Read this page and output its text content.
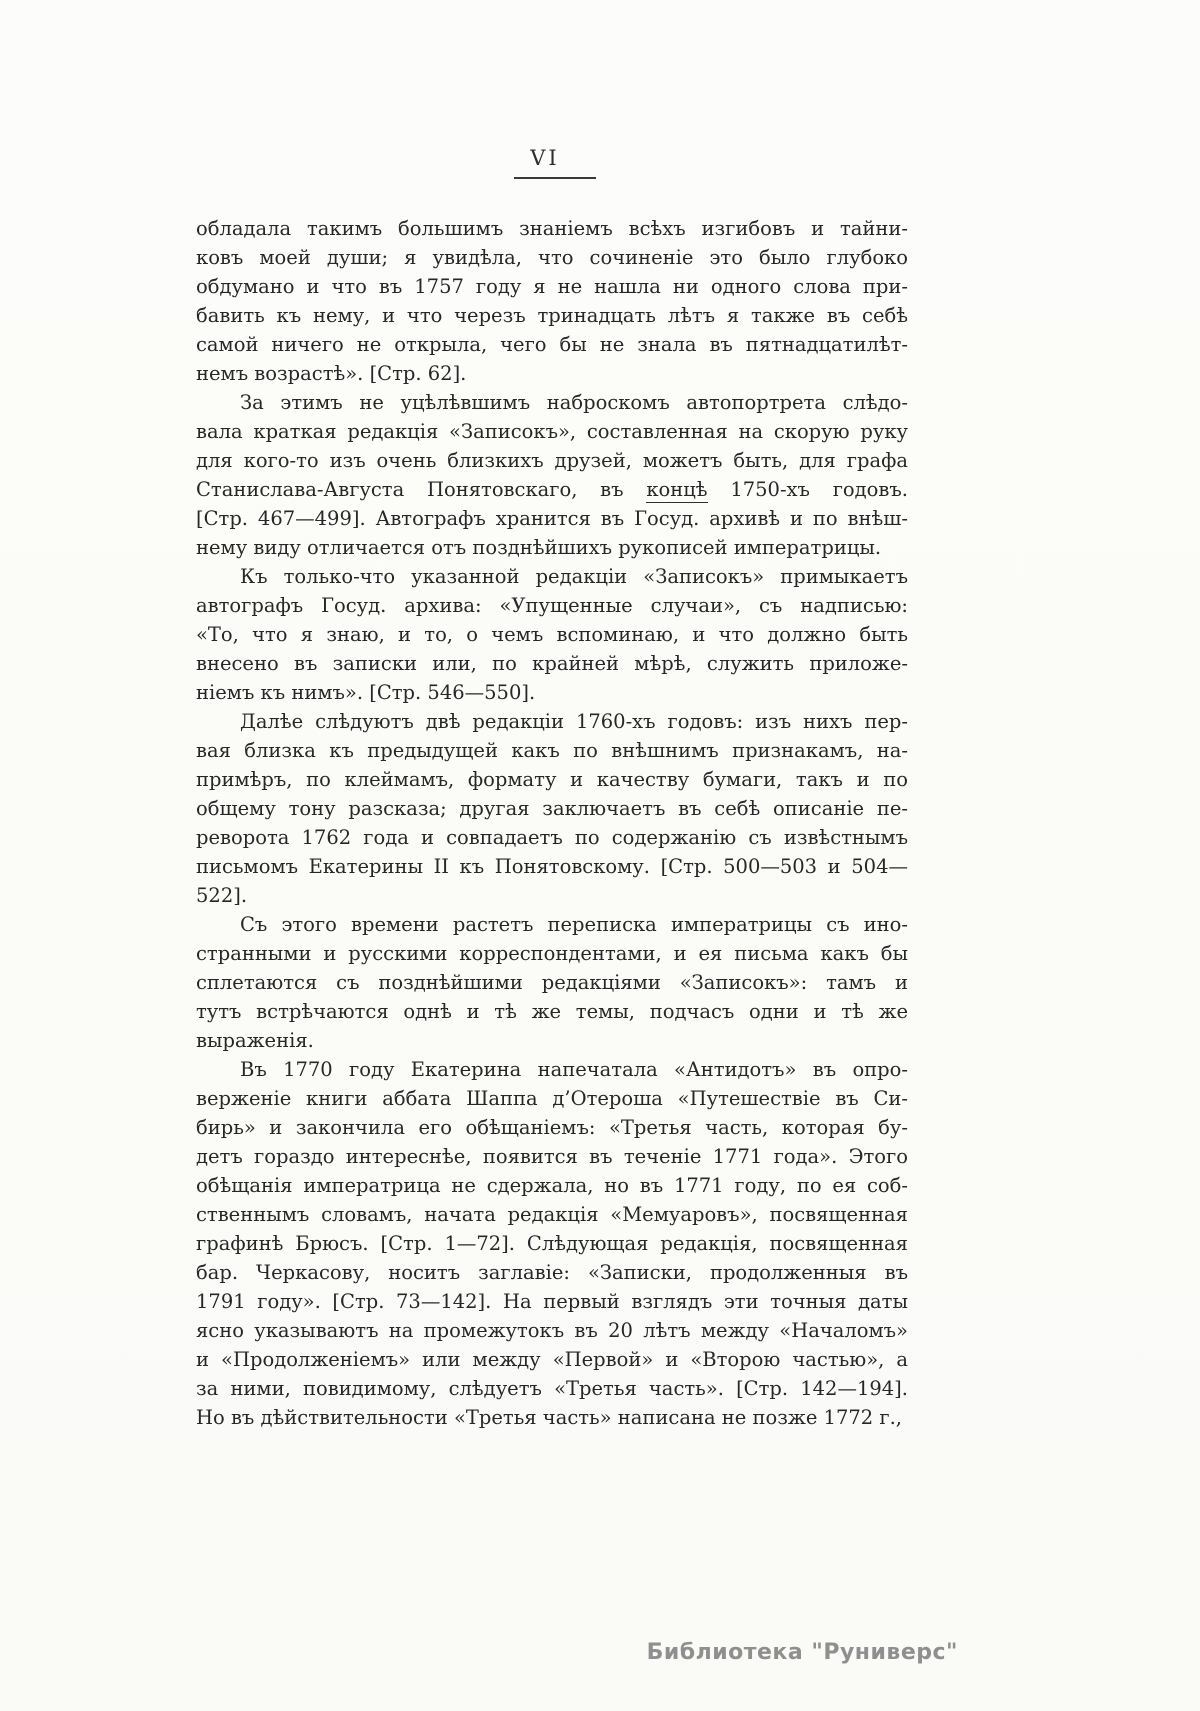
VI
обладала такимъ большимъ знаніемъ всѣхъ изгибовъ и тайни-
ковъ моей души; я увидѣла, что сочиненіе это было глубоко
обдумано и что въ 1757 году я не нашла ни одного слова при-
бавить къ нему, и что черезъ тринадцать лѣтъ я также въ себѣ
самой ничего не открыла, чего бы не знала въ пятнадцатилѣт-
немъ возрастѣ». [Стр. 62].
За этимъ не уцѣлѣвшимъ наброскомъ автопортрета слѣдо-
вала краткая редакція «Записокъ», составленная на скорую руку
для кого-то изъ очень близкихъ друзей, можетъ быть, для графа
Станислава-Августа Понятовскаго, въ концѣ 1750-хъ годовъ.
[Стр. 467—499]. Автографъ хранится въ Госуд. архивѣ и по внѣш-
нему виду отличается отъ позднѣйшихъ рукописей императрицы.
Къ только-что указанной редакціи «Записокъ» примыкаетъ
автографъ Госуд. архива: «Упущенные случаи», съ надписью:
«То, что я знаю, и то, о чемъ вспоминаю, и что должно быть
внесено въ записки или, по крайней мѣрѣ, служить приложе-
ніемъ къ нимъ». [Стр. 546—550].
Далѣе слѣдуютъ двѣ редакціи 1760-хъ годовъ: изъ нихъ пер-
вая близка къ предыдущей какъ по внѣшнимъ признакамъ, на-
примѣръ, по клеймамъ, формату и качеству бумаги, такъ и по
общему тону разсказа; другая заключаетъ въ себѣ описаніе пе-
реворота 1762 года и совпадаетъ по содержанію съ извѣстнымъ
письмомъ Екатерины II къ Понятовскому. [Стр. 500—503 и 504—522].
Съ этого времени растетъ переписка императрицы съ ино-
странными и русскими корреспондентами, и ея письма какъ бы
сплетаются съ позднѣйшими редакціями «Записокъ»: тамъ и
тутъ встрѣчаются однѣ и тѣ же темы, подчасъ одни и тѣ же
выраженія.
Въ 1770 году Екатерина напечатала «Антидотъ» въ опро-
верженіе книги аббата Шаппа д’Отероша «Путешествіе въ Си-
бирь» и закончила его обѣщаніемъ: «Третья часть, которая бу-
детъ гораздо интереснѣе, появится въ теченіе 1771 года». Этого
обѣщанія императрица не сдержала, но въ 1771 году, по ея соб-
ственнымъ словамъ, начата редакція «Мемуаровъ», посвященная
графинѣ Брюсъ. [Стр. 1—72]. Слѣдующая редакція, посвященная
бар. Черкасову, носитъ заглавіе: «Записки, продолженныя въ
1791 году». [Стр. 73—142]. На первый взглядъ эти точныя даты
ясно указываютъ на промежутокъ въ 20 лѣтъ между «Началомъ»
и «Продолженіемъ» или между «Первой» и «Второю частью», а
за ними, повидимому, слѣдуетъ «Третья часть». [Стр. 142—194].
Но въ дѣйствительности «Третья часть» написана не позже 1772 г.,
Библиотека "Руниверс"
